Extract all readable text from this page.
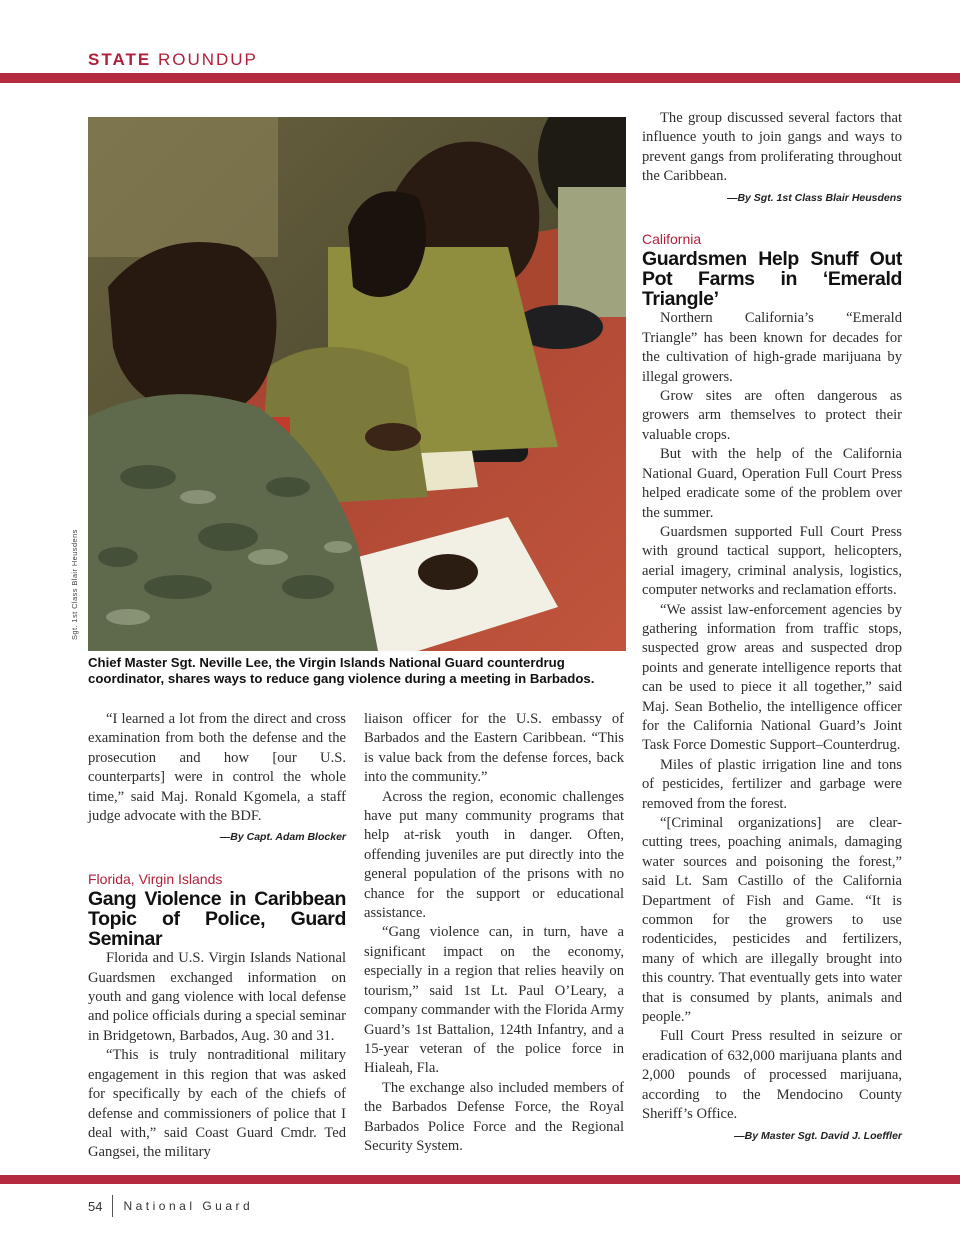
STATE ROUNDUP
Sgt. 1st Class Blair Heusdens
Chief Master Sgt. Neville Lee, the Virgin Islands National Guard counterdrug coordinator, shares ways to reduce gang violence during a meeting in Barbados.

“I learned a lot from the direct and cross examination from both the defense and the prosecution and how [our U.S. counterparts] were in control the whole time,” said Maj. Ronald Kgomela, a staff judge advocate with the BDF.

—By Capt. Adam Blocker

Florida, Virgin Islands

Gang Violence in Caribbean Topic of Police, Guard Seminar

Florida and U.S. Virgin Islands National Guardsmen exchanged information on youth and gang violence with local defense and police officials during a special seminar in Bridgetown, Barbados, Aug. 30 and 31.

“This is truly nontraditional military engagement in this region that was asked for specifically by each of the chiefs of defense and commissioners of police that I deal with,” said Coast Guard Cmdr. Ted Gangsei, the military

liaison officer for the U.S. embassy of Barbados and the Eastern Caribbean. “This is value back from the defense forces, back into the community.”

Across the region, economic challenges have put many community programs that help at-risk youth in danger. Often, offending juveniles are put directly into the general population of the prisons with no chance for the support or educational assistance.

“Gang violence can, in turn, have a significant impact on the economy, especially in a region that relies heavily on tourism,” said 1st Lt. Paul O’Leary, a company commander with the Florida Army Guard’s 1st Battalion, 124th Infantry, and a 15-year veteran of the police force in Hialeah, Fla.

The exchange also included members of the Barbados Defense Force, the Royal Barbados Police Force and the Regional Security System.

The group discussed several factors that influence youth to join gangs and ways to prevent gangs from proliferating throughout the Caribbean.

—By Sgt. 1st Class Blair Heusdens

California

Guardsmen Help Snuff Out Pot Farms in ‘Emerald Triangle’

Northern California’s “Emerald Triangle” has been known for decades for the cultivation of high-grade marijuana by illegal growers.

Grow sites are often dangerous as growers arm themselves to protect their valuable crops.

But with the help of the California National Guard, Operation Full Court Press helped eradicate some of the problem over the summer.

Guardsmen supported Full Court Press with ground tactical support, helicopters, aerial imagery, criminal analysis, logistics, computer networks and reclamation efforts.

“We assist law-enforcement agencies by gathering information from traffic stops, suspected grow areas and suspected drop points and generate intelligence reports that can be used to piece it all together,” said Maj. Sean Bothelio, the intelligence officer for the California National Guard’s Joint Task Force Domestic Support–Counterdrug.

Miles of plastic irrigation line and tons of pesticides, fertilizer and garbage were removed from the forest.

“[Criminal organizations] are clear-cutting trees, poaching animals, damaging water sources and poisoning the forest,” said Lt. Sam Castillo of the California Department of Fish and Game. “It is common for the growers to use rodenticides, pesticides and fertilizers, many of which are illegally brought into this country. That eventually gets into water that is consumed by plants, animals and people.”

Full Court Press resulted in seizure or eradication of 632,000 marijuana plants and 2,000 pounds of processed marijuana, according to the Mendocino County Sheriff’s Office.

—By Master Sgt. David J. Loeffler

54 National Guard
